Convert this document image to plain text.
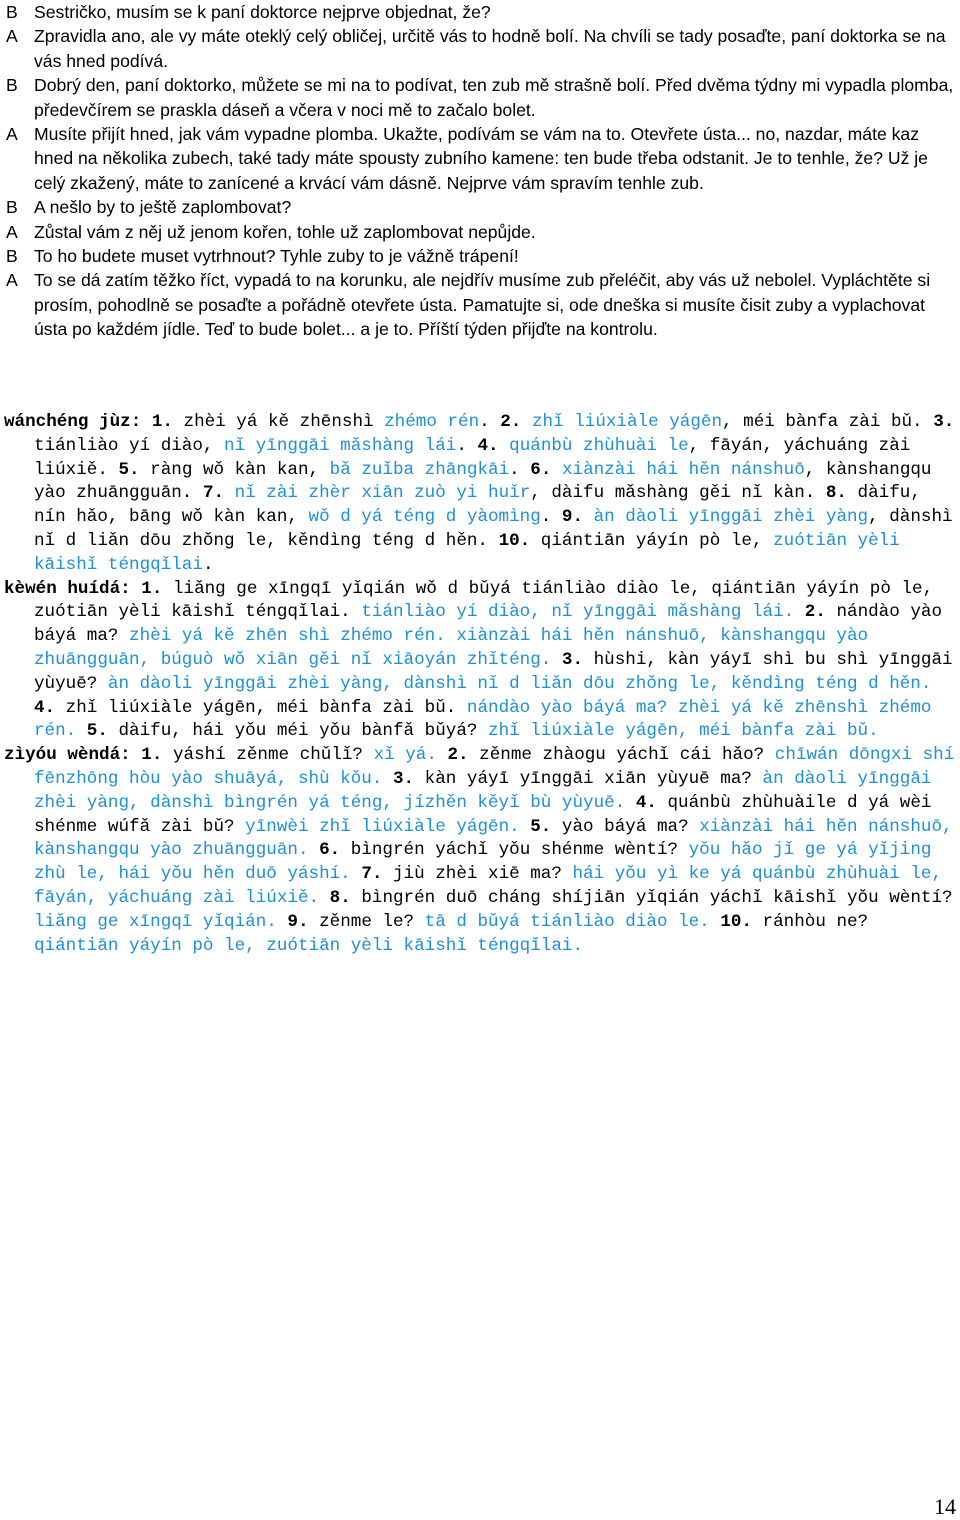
B Sestričko, musím se k paní doktorce nejprve objednat, že?
A Zpravidla ano, ale vy máte oteklý celý obličej, určitě vás to hodně bolí. Na chvíli se tady posaďte, paní doktorka se na vás hned podívá.
B Dobrý den, paní doktorko, můžete se mi na to podívat, ten zub mě strašně bolí. Před dvěma týdny mi vypadla plomba, předevčírem se praskla dáseň a včera v noci mě to začalo bolet.
A Musíte přijít hned, jak vám vypadne plomba. Ukažte, podívám se vám na to. Otevřete ústa... no, nazdar, máte kaz hned na několika zubech, také tady máte spousty zubního kamene: ten bude třeba odstanit. Je to tenhle, že? Už je celý zkažený, máte to zanícené a krvácí vám dásně. Nejprve vám spravím tenhle zub.
B A nešlo by to ještě zaplombovat?
A Zůstal vám z něj už jenom kořen, tohle už zaplombovat nepůjde.
B To ho budete muset vytrhnout? Tyhle zuby to je vážně trápení!
A To se dá zatím těžko říct, vypadá to na korunku, ale nejdřív musíme zub přeléčit, aby vás už nebolel. Vypláchtěte si prosím, pohodlně se posaďte a pořádně otevřete ústa. Pamatujte si, ode dneška si musíte čisit zuby a vyplachovat ústa po každém jídle. Teď to bude bolet... a je to. Příští týden přijďte na kontrolu.
wánchéng jùz: 1. zhèi yá kě zhēnshì zhémo rén. 2. zhǐ liúxiàle yágēn, méi bànfa zài bǔ. 3. tiánliào yí diào, nǐ yīnggāi mǎshàng lái. 4. quánbù zhùhuài le, fāyán, yáchuáng zài liúxiě. 5. ràng wǒ kàn kan, bǎ zuǐba zhāngkāi. 6. xiànzài hái hěn nánshuō, kànshangqu yào zhuāngguān. 7. nǐ zài zhèr xiān zuò yi huǐr, dàifu mǎshàng gěi nǐ kàn. 8. dàifu, nín hǎo, bāng wǒ kàn kan, wǒ d yá téng d yàomìng. 9. àn dàoli yīnggāi zhèi yàng, dànshì nǐ d liǎn dōu zhǒng le, kěndìng téng d hěn. 10. qiántiān yáyín pò le, zuótiān yèli kāishǐ téngqǐlai.
kèwén huídá: 1. liǎng ge xīngqī yǐqián wǒ d bǔyá tiánliào diào le, qiántiān yáyín pò le, zuótiān yèli kāishǐ téngqǐlai. tiánliào yí diào, nǐ yīnggāi mǎshàng lái. 2. nándào yào báyá ma? zhèi yá kě zhēn shì zhémo rén. xiànzài hái hěn nánshuō, kànshangqu yào zhuāngguān, búguò wǒ xiān gěi nǐ xiāoyán zhǐténg. 3. hùshi, kàn yáyī shì bu shì yīnggāi yùyuē? àn dàoli yīnggāi zhèi yàng, dànshì nǐ d liǎn dōu zhǒng le, kěndìng téng d hěn. 4. zhǐ liúxiàle yágēn, méi bànfa zài bǔ. nándào yào báyá ma? zhèi yá kě zhēnshì zhémo rén. 5. dàifu, hái yǒu méi yǒu bànfǎ bǔyá? zhǐ liúxiàle yágēn, méi bànfa zài bǔ.
zìyóu wèndá: 1. yáshí zěnme chǔlǐ? xǐ yá. 2. zěnme zhàogu yáchǐ cái hǎo? chīwán dōngxi shí fēnzhōng hòu yào shuāyá, shù kǒu. 3. kàn yáyī yīnggāi xiān yùyuē ma? àn dàoli yīnggāi zhèi yàng, dànshì bìngrén yá téng, jízhěn kěyǐ bù yùyuē. 4. quánbù zhùhuàile d yá wèi shénme wúfǎ zài bǔ? yīnwèi zhǐ liúxiàle yágēn. 5. yào báyá ma? xiànzài hái hěn nánshuō, kànshangqu yào zhuāngguān. 6. bìngrén yáchǐ yǒu shénme wèntí? yǒu hǎo jǐ ge yá yǐjing zhù le, hái yǒu hěn duō yáshí. 7. jiù zhèi xiē ma? hái yǒu yì ke yá quánbù zhùhuài le, fāyán, yáchuáng zài liúxiě. 8. bìngrén duō cháng shíjiān yǐqián yáchǐ kāishǐ yǒu wèntí? liǎng ge xīngqī yǐqián. 9. zěnme le? tā d bǔyá tiánliào diào le. 10. ránhòu ne? qiántiān yáyín pò le, zuótiān yèli kāishǐ téngqǐlai.
14
